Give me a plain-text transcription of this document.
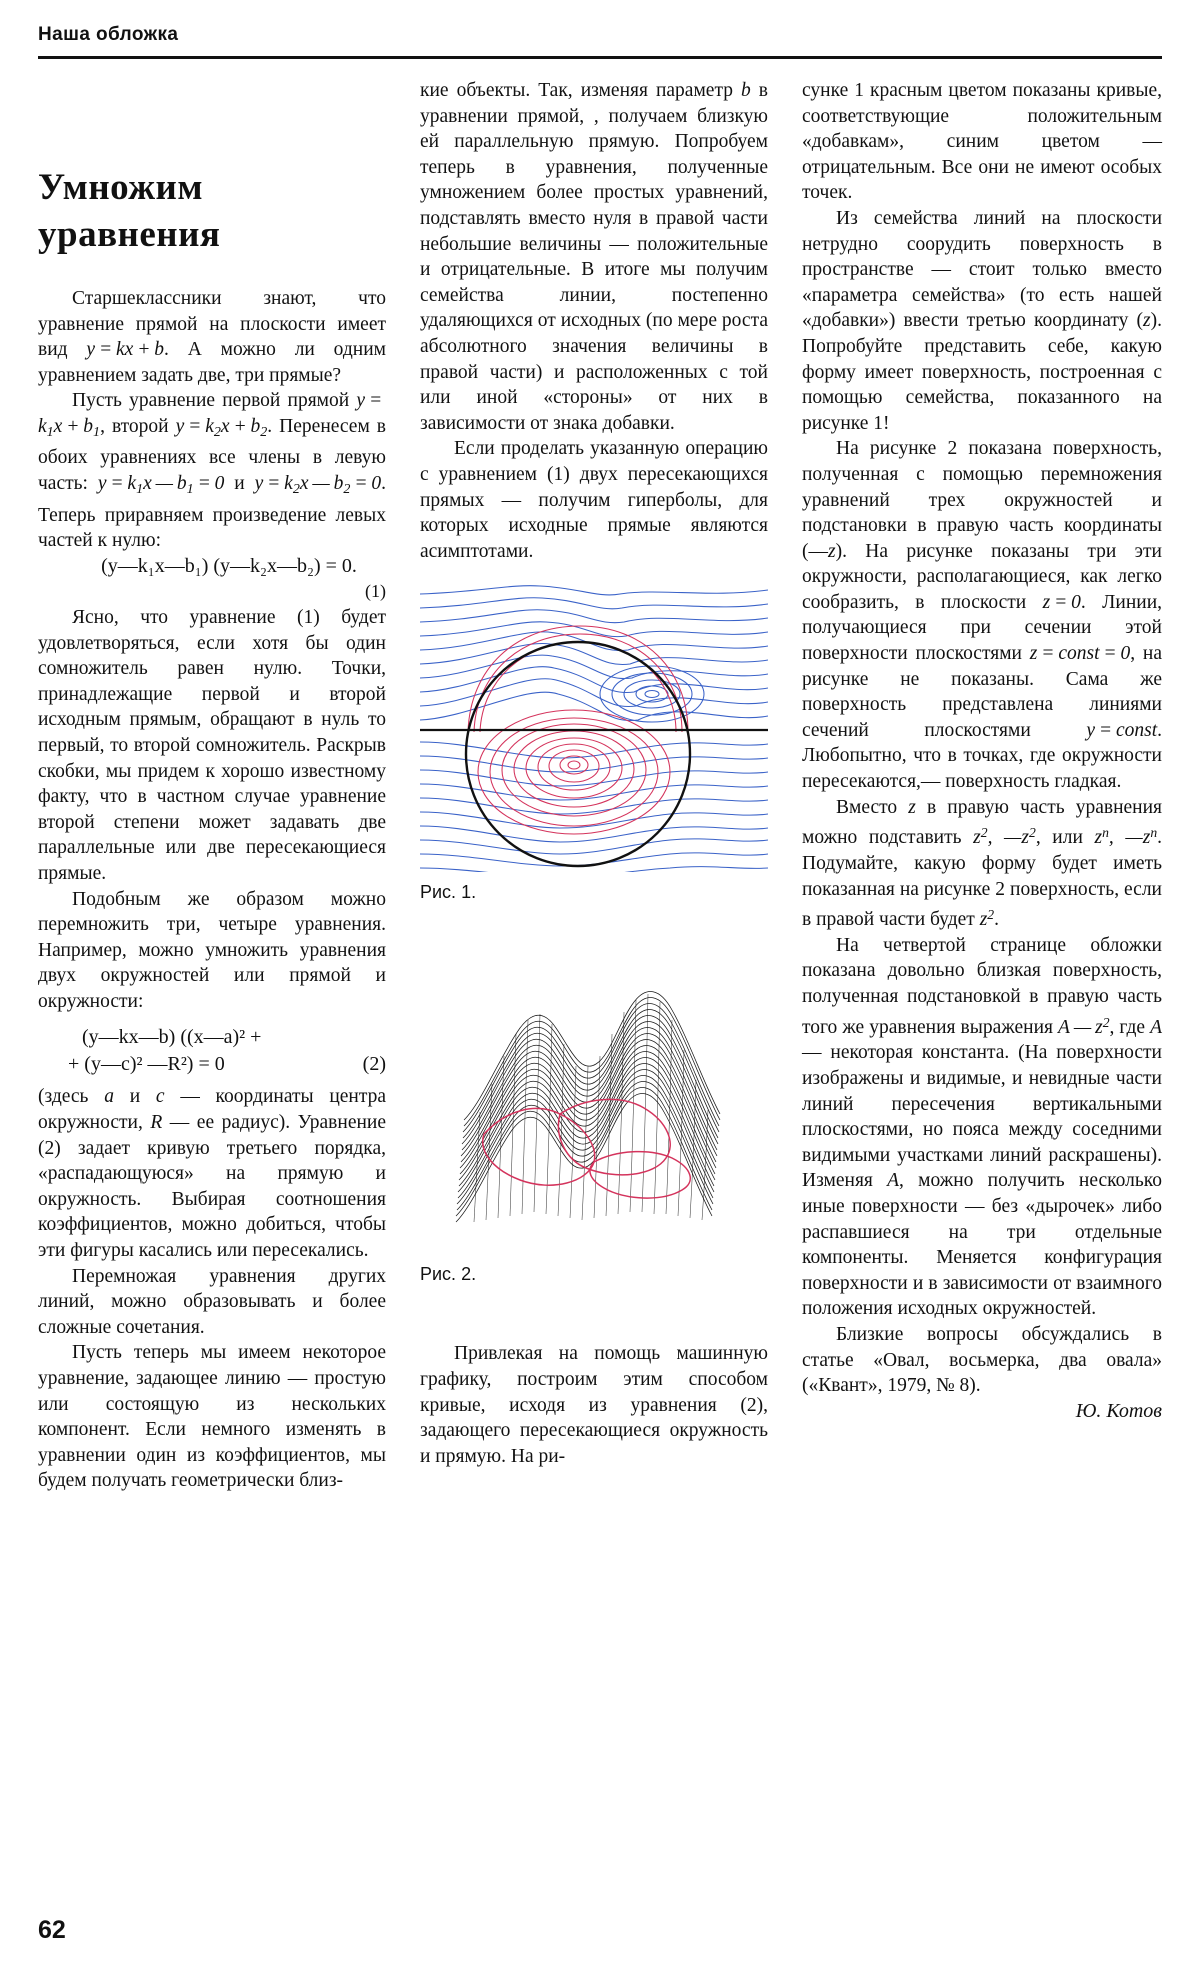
Наша обложка
Умножим уравнения

Старшеклассники знают, что уравнение прямой на плоскости имеет вид y = kx + b. А можно ли одним уравнением задать две, три прямые?

Пусть уравнение первой прямой $y = k_1x + b_1$, второй $y = k_2x + b_2$. Перенесем в обоих уравнениях все члены в левую часть: $y = k_1x$ — $b_1 = 0$ и $y = k_2x$ — $b_2 = 0$. Теперь приравняем произведение левых частей к нулю:

(y—k₁x—b₁) (y—k₂x—b₂) = 0.

(1)

Ясно, что уравнение (1) будет удовлетворяться, если хотя бы один сомножитель равен нулю. Точки, принадлежащие первой и второй исходным прямым, обращают в нуль то первый, то второй сомножитель. Раскрыв скобки, мы придем к хорошо известному факту, что в частном случае уравнение второй степени может задавать две параллельные или две пересекающиеся прямые.

Подобным же образом можно перемножить три, четыре уравнения. Например, можно умножить уравнения двух окружностей или прямой и окружности:

(y—kx—b) ((x—a)² +
+ (y—c)² —R²) = 0	(2)

(здесь a и c — координаты центра окружности, R — ее радиус). Уравнение (2) задает кривую третьего порядка, «распадающуюся» на прямую и окружность. Выбирая соотношения коэффициентов, можно добиться, чтобы эти фигуры касались или пересекались.

Перемножая уравнения других линий, можно образовывать и более сложные сочетания.

Пусть теперь мы имеем некоторое уравнение, задающее линию — простую или состоящую из нескольких компонент. Если немного изменять в уравнении один из коэффициентов, мы будем получать геометрически близ-

кие объекты. Так, изменяя параметр b в уравнении прямой, , получаем близкую ей параллельную прямую. Попробуем теперь в уравнения, полученные умножением более простых уравнений, подставлять вместо нуля в правой части небольшие величины — положительные и отрицательные. В итоге мы получим семейства линии, постепенно удаляющихся от исходных (по мере роста абсолютного значения величины в правой части) и расположенных с той или иной «стороны» от них в зависимости от знака добавки.

Если проделать указанную операцию с уравнением (1) двух пересекающихся прямых — получим гиперболы, для которых исходные прямые являются асимптотами.

Рис. 1.
Рис. 2.

Привлекая на помощь машинную графику, построим этим способом кривые, исходя из уравнения (2), задающего пересекающиеся окружность и прямую. На ри-

сунке 1 красным цветом показаны кривые, соответствующие положительным «добавкам», синим цветом — отрицательным. Все они не имеют особых точек.

Из семейства линий на плоскости нетрудно соорудить поверхность в пространстве — стоит только вместо «параметра семейства» (то есть нашей «добавки») ввести третью координату (z). Попробуйте представить себе, какую форму имеет поверхность, построенная с помощью семейства, показанного на рисунке 1!

На рисунке 2 показана поверхность, полученная с помощью перемножения уравнений трех окружностей и подстановки в правую часть координаты (—z). На рисунке показаны три эти окружности, располагающиеся, как легко сообразить, в плоскости z = 0. Линии, получающиеся при сечении этой поверхности плоскостями z = const = 0, на рисунке не показаны. Сама же поверхность представлена линиями сечений плоскостями	y = const. Любопытно, что в точках, где окружности пересекаются,— поверхность гладкая.

Вместо z в правую часть уравнения можно подставить $z^2$, $—z^2$, или $z^n$, $—z^n$. Подумайте, какую форму будет иметь показанная на рисунке 2 поверхность, если в правой части будет $z^2$.

На четвертой странице обложки показана довольно близкая поверхность, полученная подстановкой в правую часть того же уравнения выражения A — $z^2$, где A — некоторая константа. (На поверхности изображены и видимые, и невидные части линий пересечения вертикальными плоскостями, но пояса между соседними видимыми участками линий раскрашены). Изменяя A, можно получить несколько иные поверхности — без «дырочек» либо распавшиеся на три отдельные компоненты. Меняется конфигурация поверхности и в зависимости от взаимного положения исходных окружностей.

Близкие вопросы обсуждались в статье «Овал, восьмерка, два овала» («Квант», 1979, № 8).

Ю. Котов

62
